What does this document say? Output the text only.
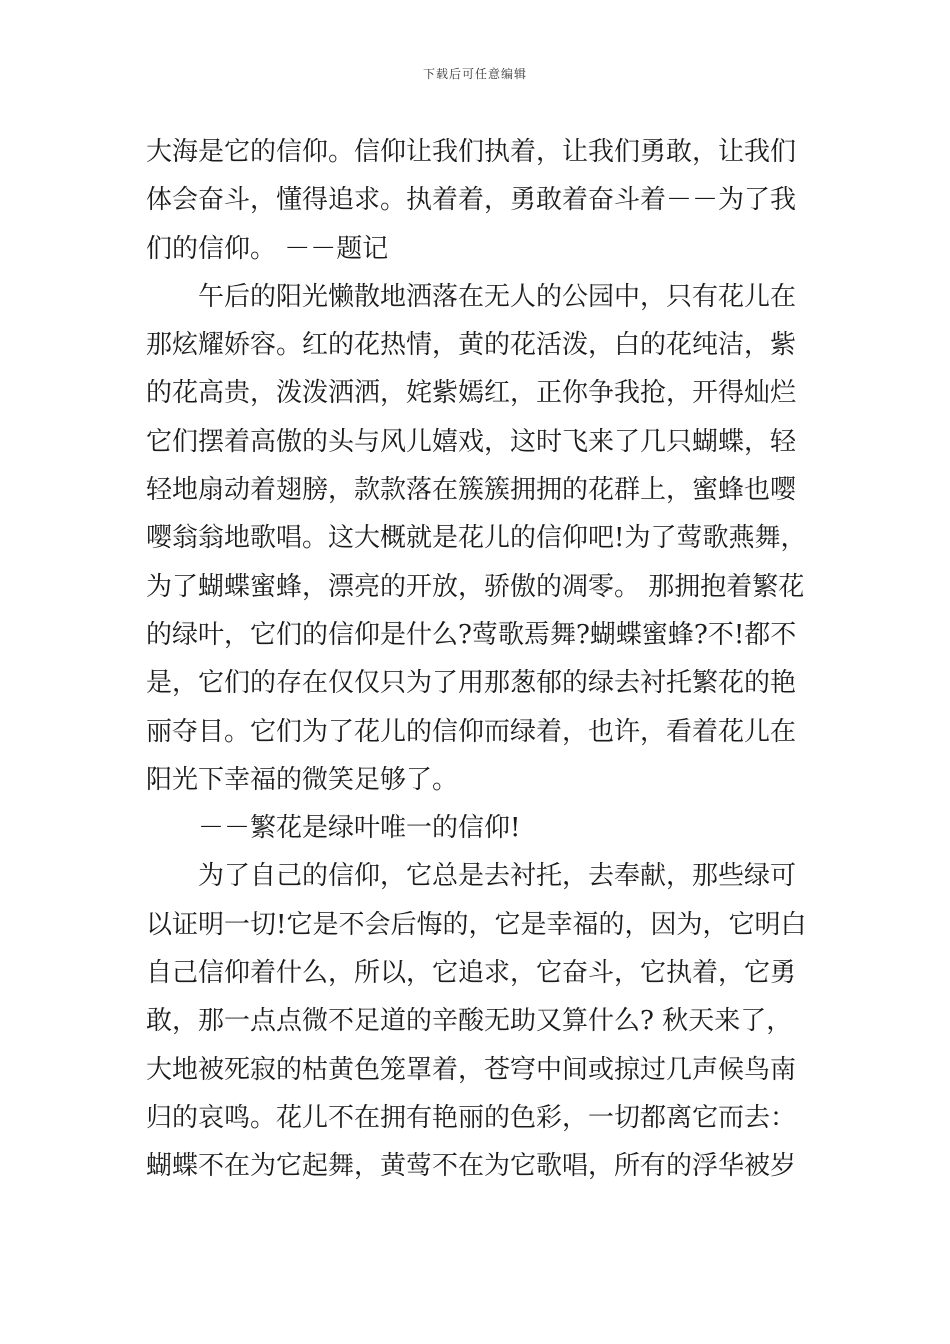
下载后可任意编辑
大海是它的信仰。信仰让我们执着，让我们勇敢，让我们
体会奋斗，懂得追求。执着着，勇敢着奋斗着－－为了我
们的信仰。 －－题记
午后的阳光懒散地洒落在无人的公园中，只有花儿在
那炫耀娇容。红的花热情，黄的花活泼，白的花纯洁，紫
的花高贵，泼泼洒洒，姹紫嫣红，正你争我抢，开得灿烂
它们摆着高傲的头与风儿嬉戏，这时飞来了几只蝴蝶，轻
轻地扇动着翅膀，款款落在簇簇拥拥的花群上，蜜蜂也嘤
嘤翁翁地歌唱。这大概就是花儿的信仰吧!为了莺歌燕舞，
为了蝴蝶蜜蜂，漂亮的开放，骄傲的凋零。 那拥抱着繁花
的绿叶，它们的信仰是什么?莺歌焉舞?蝴蝶蜜蜂?不!都不
是，它们的存在仅仅只为了用那葱郁的绿去衬托繁花的艳
丽夺目。它们为了花儿的信仰而绿着，也许，看着花儿在
阳光下幸福的微笑足够了。
－－繁花是绿叶唯一的信仰!
为了自己的信仰，它总是去衬托，去奉献，那些绿可
以证明一切!它是不会后悔的，它是幸福的，因为，它明白
自己信仰着什么，所以，它追求，它奋斗，它执着，它勇
敢，那一点点微不足道的辛酸无助又算什么? 秋天来了，
大地被死寂的枯黄色笼罩着，苍穹中间或掠过几声候鸟南
归的哀鸣。花儿不在拥有艳丽的色彩，一切都离它而去：
蝴蝶不在为它起舞，黄莺不在为它歌唱，所有的浮华被岁
